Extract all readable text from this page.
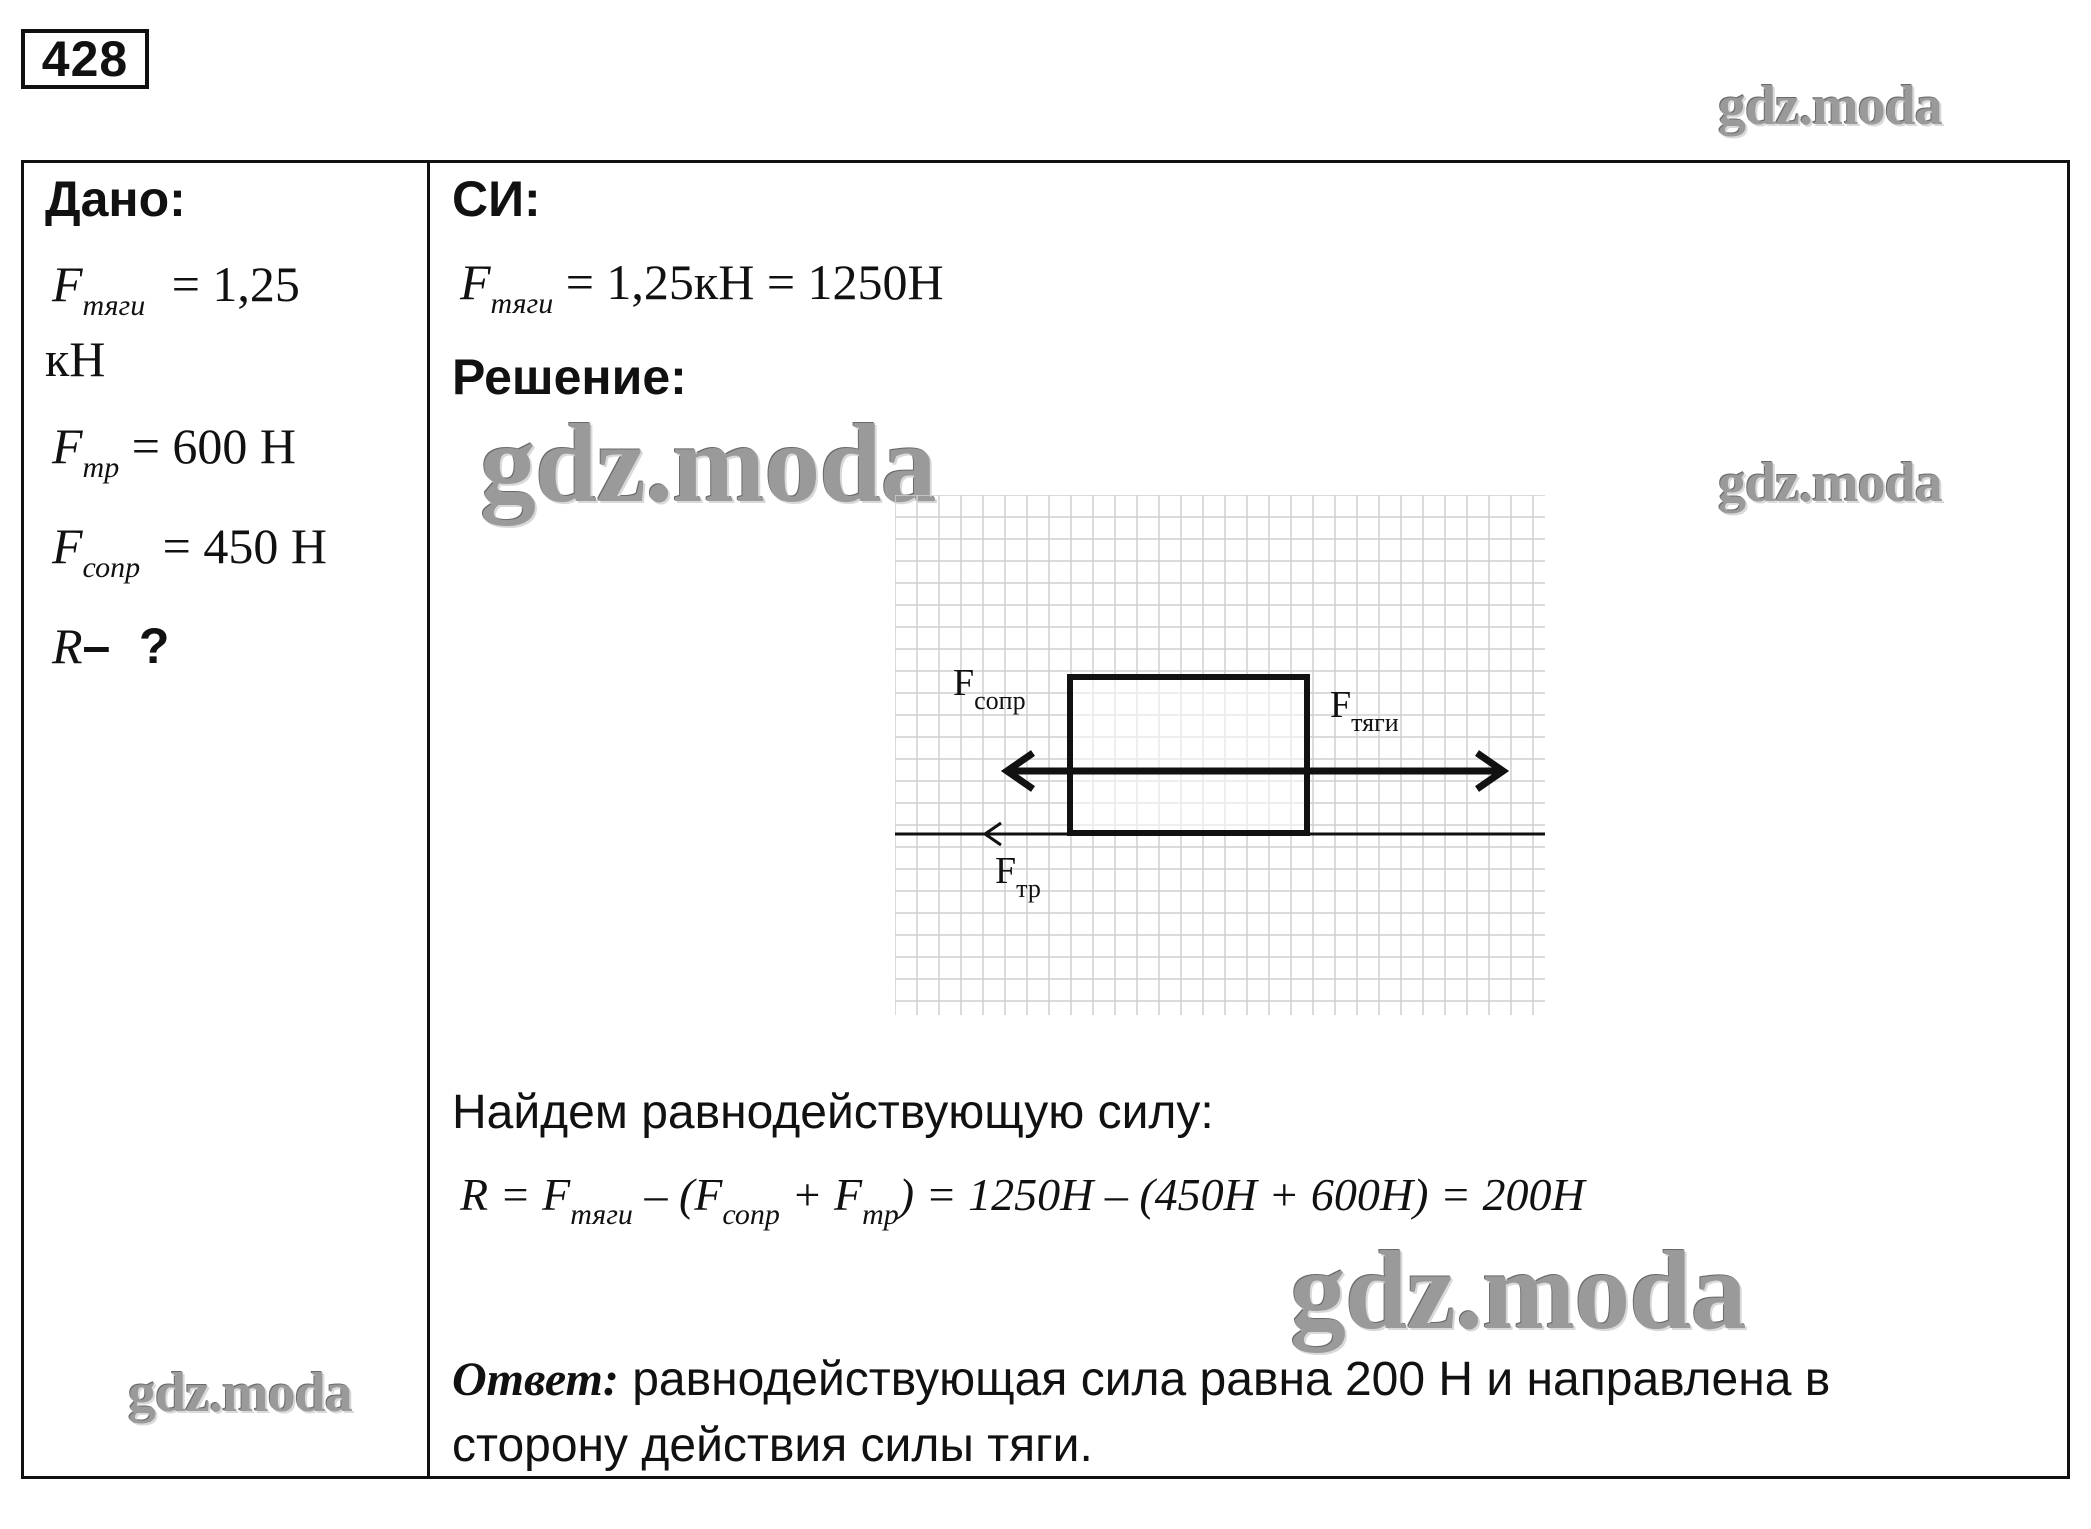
428
gdz.moda
Дано:
$F_{тяги} = 1,25$
кН
$F_{тр} = 600$ Н
$F_{сопр} = 450$ Н
R– ?
СИ:
$F_{тяги} = 1,25кН = 1250Н$
Решение:
gdz.moda	gdz.moda
$F_{сопр}$	$F_{тяги}$
$F_{тр}$
Найдем равнодействующую силу:
$R = F_{тяги} - (F_{сопр} + F_{тр}) = 1250Н - (450Н + 600Н) = 200Н$
gdz.moda
gdz.moda Ответ: равнодействующая сила равна 200 Н и направлена в
сторону действия силы тяги.
